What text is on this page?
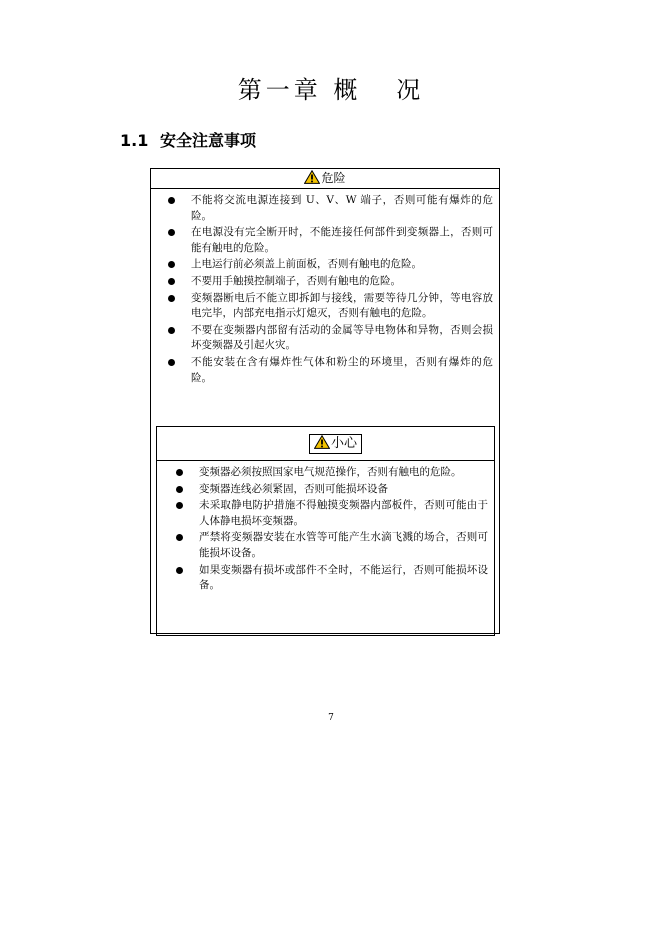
第一章 概   况
1.1 安全注意事项
危险
不能将交流电源连接到 U、V、W 端子，否则可能有爆炸的危险。
在电源没有完全断开时，不能连接任何部件到变频器上，否则可能有触电的危险。
上电运行前必须盖上前面板，否则有触电的危险。
不要用手触摸控制端子，否则有触电的危险。
变频器断电后不能立即拆卸与接线，需要等待几分钟，等电容放电完毕，内部充电指示灯熄灭，否则有触电的危险。
不要在变频器内部留有活动的金属等导电物体和异物，否则会损坏变频器及引起火灾。
不能安装在含有爆炸性气体和粉尘的环境里，否则有爆炸的危险。
小心
变频器必须按照国家电气规范操作，否则有触电的危险。
变频器连线必须紧固，否则可能损坏设备
未采取静电防护措施不得触摸变频器内部板件，否则可能由于人体静电损坏变频器。
严禁将变频器安装在水管等可能产生水滴飞溅的场合，否则可能损坏设备。
如果变频器有损坏或部件不全时，不能运行，否则可能损坏设备。
7
